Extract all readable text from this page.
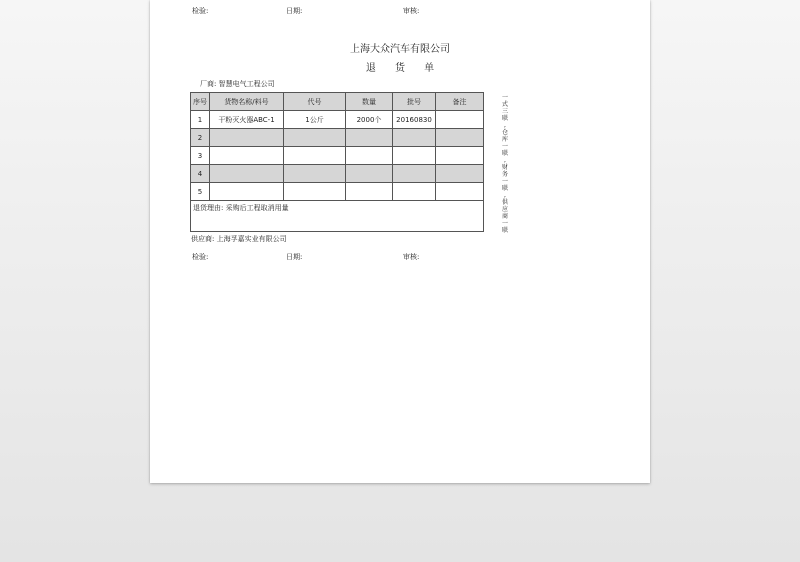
检验:	日期:	审核:
上海大众汽车有限公司
退 货 单
厂商: 智慧电气工程公司
序号	货物名称/料号	代号	数量	批号	备注
1	干粉灭火器ABC-1	1公斤	2000个	20160830	
2					
3					
4					
5					
退货理由: 采购后工程取消用量					
供应商: 上海孚嘉实业有限公司
检验:	日期:	审核:
一
式
三
联
,
仓
库
一
联
,
财
务
一
联
,
供
应
商
一
联
